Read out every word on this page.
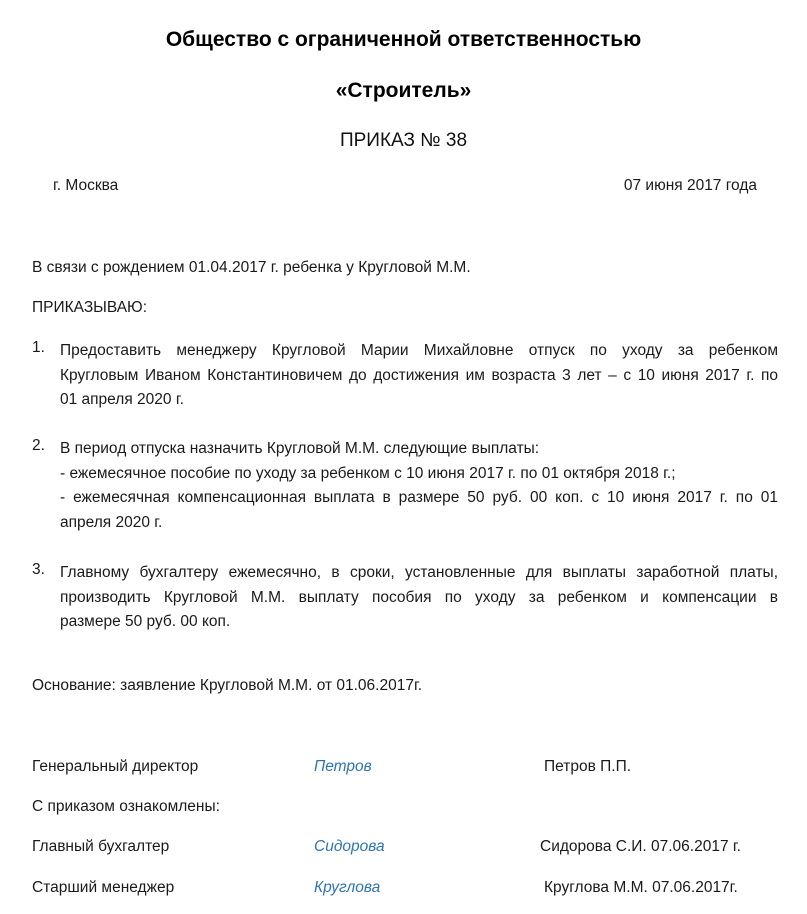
Общество с ограниченной ответственностью
«Строитель»
ПРИКАЗ № 38
г. Москва	07 июня 2017 года
В связи с рождением 01.04.2017 г. ребенка у Кругловой М.М.
ПРИКАЗЫВАЮ:
1. Предоставить менеджеру Кругловой Марии Михайловне отпуск по уходу за ребенком
Кругловым Иваном Константиновичем до достижения им возраста 3 лет – с 10 июня 2017 г. по
01 апреля 2020 г.
2. В период отпуска назначить Кругловой М.М. следующие выплаты:
- ежемесячное пособие по уходу за ребенком с 10 июня 2017 г. по 01 октября 2018 г.;
- ежемесячная компенсационная выплата в размере 50 руб. 00 коп. с 10 июня 2017 г. по 01
апреля 2020 г.
3. Главному бухгалтеру ежемесячно, в сроки, установленные для выплаты заработной платы,
производить Кругловой М.М. выплату пособия по уходу за ребенком и компенсации в
размере 50 руб. 00 коп.
Основание: заявление Кругловой М.М. от 01.06.2017г.
Генеральный директор	Петров	Петров П.П.
С приказом ознакомлены:
Главный бухгалтер	Сидорова	Сидорова С.И. 07.06.2017 г.
Старший менеджер	Круглова	Круглова М.М. 07.06.2017г.
